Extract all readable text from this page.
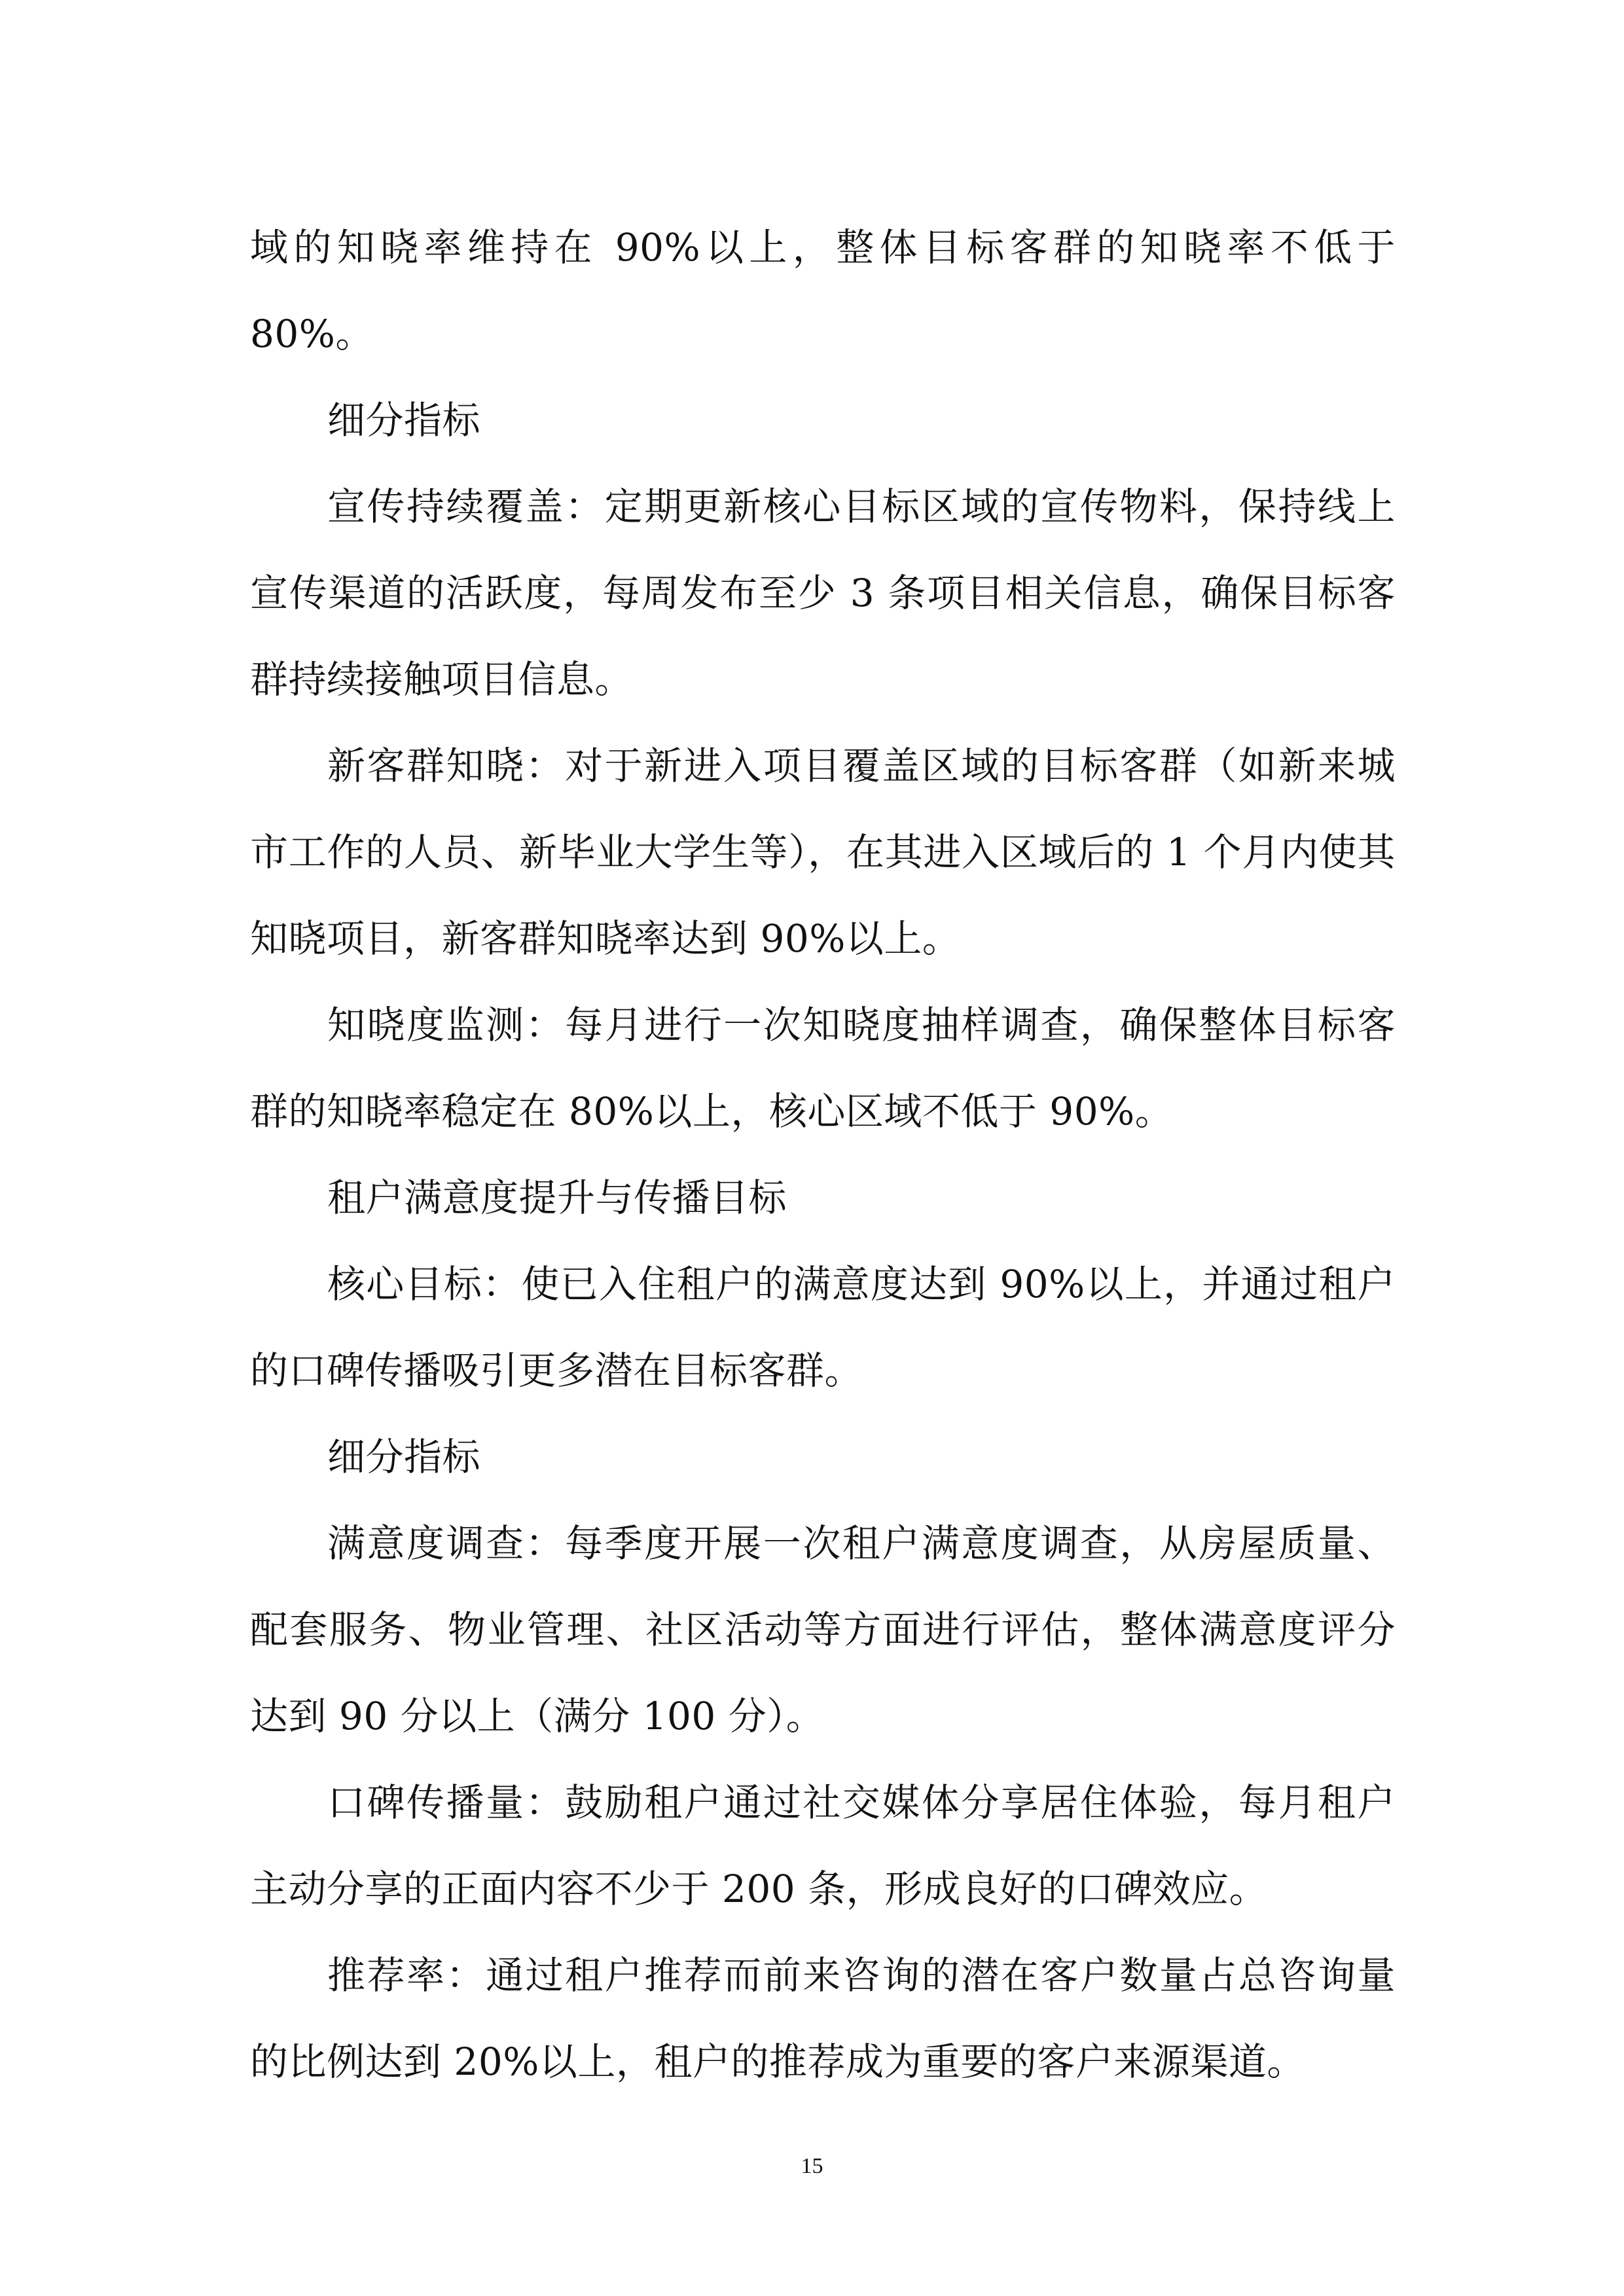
域的知晓率维持在 90%以上，整体目标客群的知晓率不低于 80%。

细分指标

宣传持续覆盖：定期更新核心目标区域的宣传物料，保持线上宣传渠道的活跃度，每周发布至少 3 条项目相关信息，确保目标客群持续接触项目信息。

新客群知晓：对于新进入项目覆盖区域的目标客群（如新来城市工作的人员、新毕业大学生等），在其进入区域后的 1 个月内使其知晓项目，新客群知晓率达到 90%以上。

知晓度监测：每月进行一次知晓度抽样调查，确保整体目标客群的知晓率稳定在 80%以上，核心区域不低于 90%。

租户满意度提升与传播目标

核心目标：使已入住租户的满意度达到 90%以上，并通过租户的口碑传播吸引更多潜在目标客群。

细分指标

满意度调查：每季度开展一次租户满意度调查，从房屋质量、配套服务、物业管理、社区活动等方面进行评估，整体满意度评分达到 90 分以上（满分 100 分）。

口碑传播量：鼓励租户通过社交媒体分享居住体验，每月租户主动分享的正面内容不少于 200 条，形成良好的口碑效应。

推荐率：通过租户推荐而前来咨询的潜在客户数量占总咨询量的比例达到 20%以上，租户的推荐成为重要的客户来源渠道。

15
